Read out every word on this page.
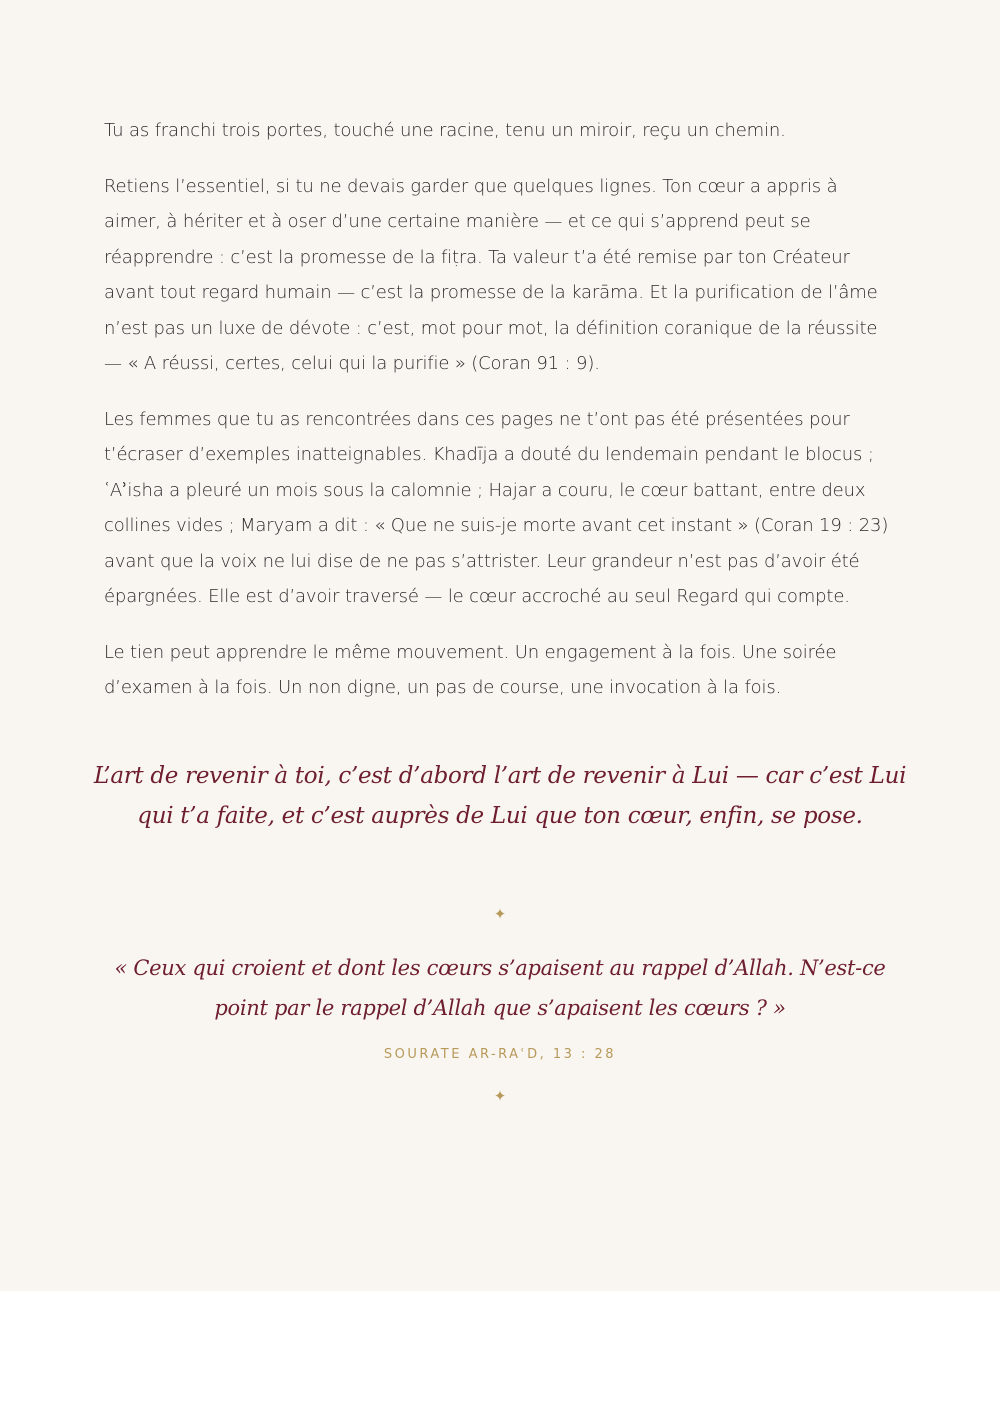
Tu as franchi trois portes, touché une racine, tenu un miroir, reçu un chemin.

Retiens l’essentiel, si tu ne devais garder que quelques lignes. Ton cœur a appris à aimer, à hériter et à oser d’une certaine manière — et ce qui s’apprend peut se réapprendre : c’est la promesse de la fiṭra. Ta valeur t’a été remise par ton Créateur avant tout regard humain — c’est la promesse de la karāma. Et la purification de l’âme n’est pas un luxe de dévote : c’est, mot pour mot, la définition coranique de la réussite — « A réussi, certes, celui qui la purifie » (Coran 91 : 9).

Les femmes que tu as rencontrées dans ces pages ne t’ont pas été présentées pour t’écraser d’exemples inatteignables. Khadīja a douté du lendemain pendant le blocus ; ʿAʾisha a pleuré un mois sous la calomnie ; Hajar a couru, le cœur battant, entre deux collines vides ; Maryam a dit : « Que ne suis-je morte avant cet instant » (Coran 19 : 23) avant que la voix ne lui dise de ne pas s’attrister. Leur grandeur n’est pas d’avoir été épargnées. Elle est d’avoir traversé — le cœur accroché au seul Regard qui compte.

Le tien peut apprendre le même mouvement. Un engagement à la fois. Une soirée d’examen à la fois. Un non digne, un pas de course, une invocation à la fois.

L’art de revenir à toi, c’est d’abord l’art de revenir à Lui — car c’est Lui qui t’a faite, et c’est auprès de Lui que ton cœur, enfin, se pose.
✦
« Ceux qui croient et dont les cœurs s’apaisent au rappel d’Allah. N’est-ce point par le rappel d’Allah que s’apaisent les cœurs ? »
SOURATE AR-RAʿD, 13 : 28
✦
